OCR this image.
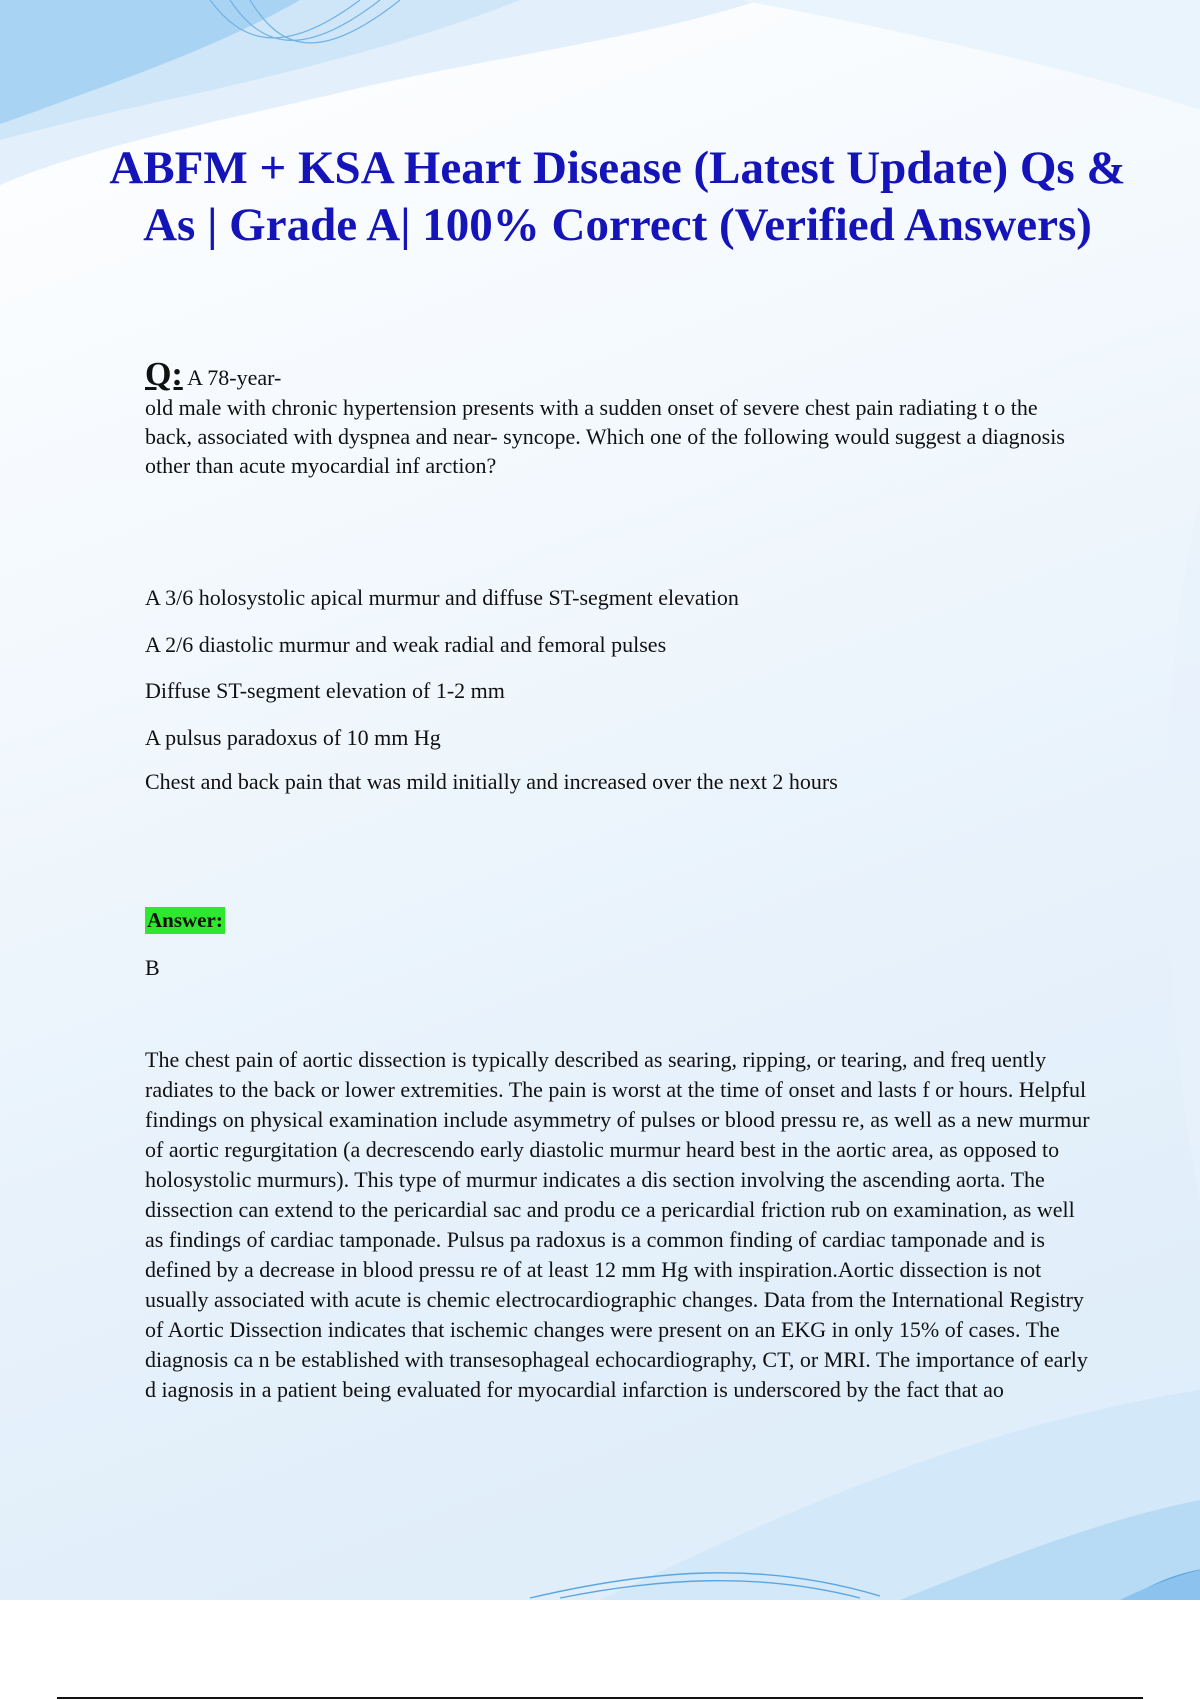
ABFM + KSA Heart Disease (Latest Update) Qs & As | Grade A| 100% Correct (Verified Answers)
Q: A 78-year-
old male with chronic hypertension presents with a sudden onset of severe chest pain radiating t o the back, associated with dyspnea and near- syncope. Which one of the following would suggest a diagnosis other than acute myocardial inf arction?
A 3/6 holosystolic apical murmur and diffuse ST-segment elevation
A 2/6 diastolic murmur and weak radial and femoral pulses
Diffuse ST-segment elevation of 1-2 mm
A pulsus paradoxus of 10 mm Hg
Chest and back pain that was mild initially and increased over the next 2 hours
Answer:
B
The chest pain of aortic dissection is typically described as searing, ripping, or tearing, and freq uently radiates to the back or lower extremities. The pain is worst at the time of onset and lasts f or hours. Helpful findings on physical examination include asymmetry of pulses or blood pressu re, as well as a new murmur of aortic regurgitation (a decrescendo early diastolic murmur heard best in the aortic area, as opposed to holosystolic murmurs). This type of murmur indicates a dis section involving the ascending aorta. The dissection can extend to the pericardial sac and produ ce a pericardial friction rub on examination, as well as findings of cardiac tamponade. Pulsus pa radoxus is a common finding of cardiac tamponade and is defined by a decrease in blood pressu re of at least 12 mm Hg with inspiration.Aortic dissection is not usually associated with acute is chemic electrocardiographic changes. Data from the International Registry of Aortic Dissection indicates that ischemic changes were present on an EKG in only 15% of cases. The diagnosis ca n be established with transesophageal echocardiography, CT, or MRI. The importance of early d iagnosis in a patient being evaluated for myocardial infarction is underscored by the fact that ao
